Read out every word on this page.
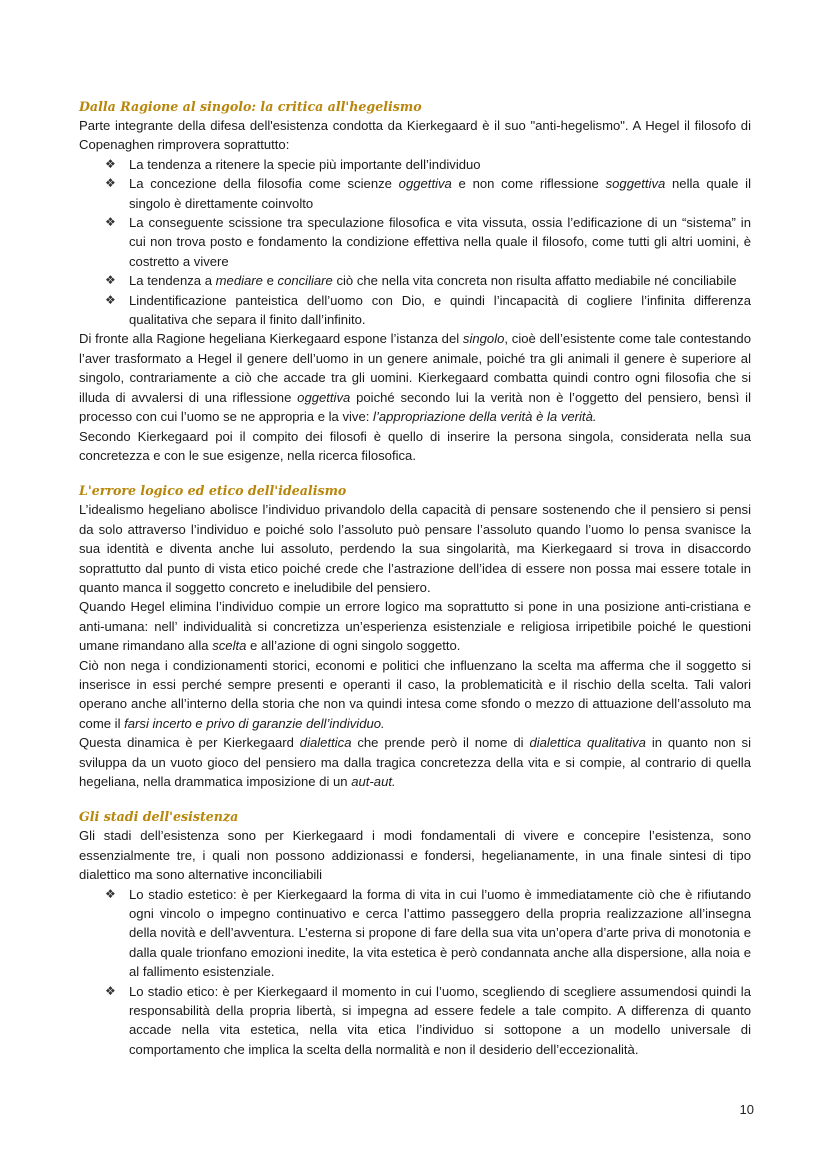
Dalla Ragione al singolo: la critica all'hegelismo

Parte integrante della difesa dell'esistenza condotta da Kierkegaard è il suo "anti-hegelismo". A Hegel il filosofo di Copenaghen rimprovera soprattutto:

❖	La tendenza a ritenere la specie più importante dell’individuo
❖	La concezione della filosofia come scienze oggettiva e non come riflessione soggettiva nella quale il singolo è direttamente coinvolto
❖	La conseguente scissione tra speculazione filosofica e vita vissuta, ossia l’edificazione di un “sistema” in cui non trova posto e fondamento la condizione effettiva nella quale il filosofo, come tutti gli altri uomini, è costretto a vivere
❖	La tendenza a mediare e conciliare ciò che nella vita concreta non risulta affatto mediabile né conciliabile
❖	Lindentificazione panteistica dell’uomo con Dio, e quindi l’incapacità di cogliere l’infinita differenza qualitativa che separa il finito dall’infinito.

Di fronte alla Ragione hegeliana Kierkegaard espone l’istanza del singolo, cioè dell’esistente come tale contestando l’aver trasformato a Hegel il genere dell’uomo in un genere animale, poiché tra gli animali il genere è superiore al singolo, contrariamente a ciò che accade tra gli uomini. Kierkegaard combatta quindi contro ogni filosofia che si illuda di avvalersi di una riflessione oggettiva poiché secondo lui la verità non è l’oggetto del pensiero, bensì il processo con cui l’uomo se ne appropria e la vive: l’appropriazione della verità è la verità.

Secondo Kierkegaard poi il compito dei filosofi è quello di inserire la persona singola, considerata nella sua concretezza e con le sue esigenze, nella ricerca filosofica.

L'errore logico ed etico dell'idealismo

L’idealismo hegeliano abolisce l’individuo privandolo della capacità di pensare sostenendo che il pensiero si pensi da solo attraverso l’individuo e poiché solo l’assoluto può pensare l’assoluto quando l’uomo lo pensa svanisce la sua identità e diventa anche lui assoluto, perdendo la sua singolarità, ma Kierkegaard si trova in disaccordo soprattutto dal punto di vista etico poiché crede che l’astrazione dell’idea di essere non possa mai essere totale in quanto manca il soggetto concreto e ineludibile del pensiero.

Quando Hegel elimina l’individuo compie un errore logico ma soprattutto si pone in una posizione anti-cristiana e anti-umana: nell’ individualità si concretizza un’esperienza esistenziale e religiosa irripetibile poiché le questioni umane rimandano alla scelta e all’azione di ogni singolo soggetto.

Ciò non nega i condizionamenti storici, economi e politici che influenzano la scelta ma afferma che il soggetto si inserisce in essi perché sempre presenti e operanti il caso, la problematicità e il rischio della scelta. Tali valori operano anche all’interno della storia che non va quindi intesa come sfondo o mezzo di attuazione dell’assoluto ma come il farsi incerto e privo di garanzie dell’individuo.

Questa dinamica è per Kierkegaard dialettica che prende però il nome di dialettica qualitativa in quanto non si sviluppa da un vuoto gioco del pensiero ma dalla tragica concretezza della vita e si compie, al contrario di quella hegeliana, nella drammatica imposizione di un aut-aut.

Gli stadi dell'esistenza

Gli stadi dell’esistenza sono per Kierkegaard i modi fondamentali di vivere e concepire l’esistenza, sono essenzialmente tre, i quali non possono addizionassi e fondersi, hegelianamente, in una finale sintesi di tipo dialettico ma sono alternative inconciliabili

❖	Lo stadio estetico: è per Kierkegaard la forma di vita in cui l’uomo è immediatamente ciò che è rifiutando ogni vincolo o impegno continuativo e cerca l’attimo passeggero della propria realizzazione all’insegna della novità e dell’avventura. L’esterna si propone di fare della sua vita un’opera d’arte priva di monotonia e dalla quale trionfano emozioni inedite, la vita estetica è però condannata anche alla dispersione, alla noia e al fallimento esistenziale.
❖	Lo stadio etico: è per Kierkegaard il momento in cui l’uomo, scegliendo di scegliere assumendosi quindi la responsabilità della propria libertà, si impegna ad essere fedele a tale compito. A differenza di quanto accade nella vita estetica, nella vita etica l’individuo si sottopone a un modello universale di comportamento che implica la scelta della normalità e non il desiderio dell’eccezionalità.
10
